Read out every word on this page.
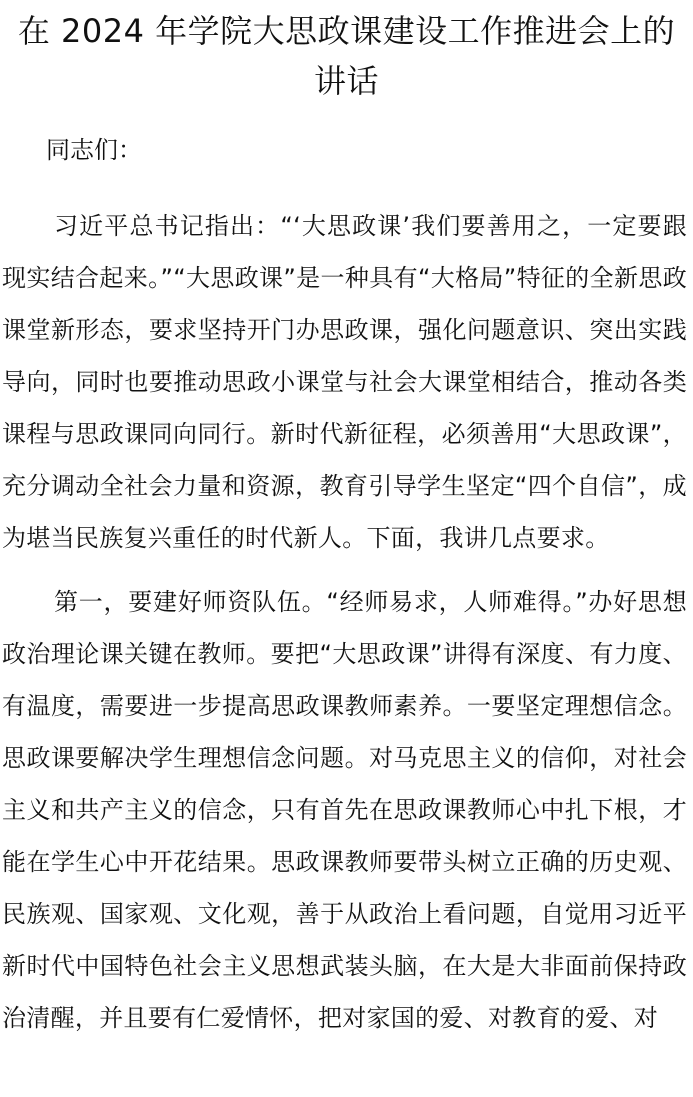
在 2024 年学院大思政课建设工作推进会上的讲话

同志们：

习近平总书记指出：“‘大思政课’我们要善用之，一定要跟现实结合起来。”“大思政课”是一种具有“大格局”特征的全新思政课堂新形态，要求坚持开门办思政课，强化问题意识、突出实践导向，同时也要推动思政小课堂与社会大课堂相结合，推动各类课程与思政课同向同行。新时代新征程，必须善用“大思政课”，充分调动全社会力量和资源，教育引导学生坚定“四个自信”，成为堪当民族复兴重任的时代新人。下面，我讲几点要求。

第一，要建好师资队伍。“经师易求，人师难得。”办好思想政治理论课关键在教师。要把“大思政课”讲得有深度、有力度、有温度，需要进一步提高思政课教师素养。一要坚定理想信念。思政课要解决学生理想信念问题。对马克思主义的信仰，对社会主义和共产主义的信念，只有首先在思政课教师心中扎下根，才能在学生心中开花结果。思政课教师要带头树立正确的历史观、民族观、国家观、文化观，善于从政治上看问题，自觉用习近平新时代中国特色社会主义思想武装头脑，在大是大非面前保持政治清醒，并且要有仁爱情怀，把对家国的爱、对教育的爱、对
